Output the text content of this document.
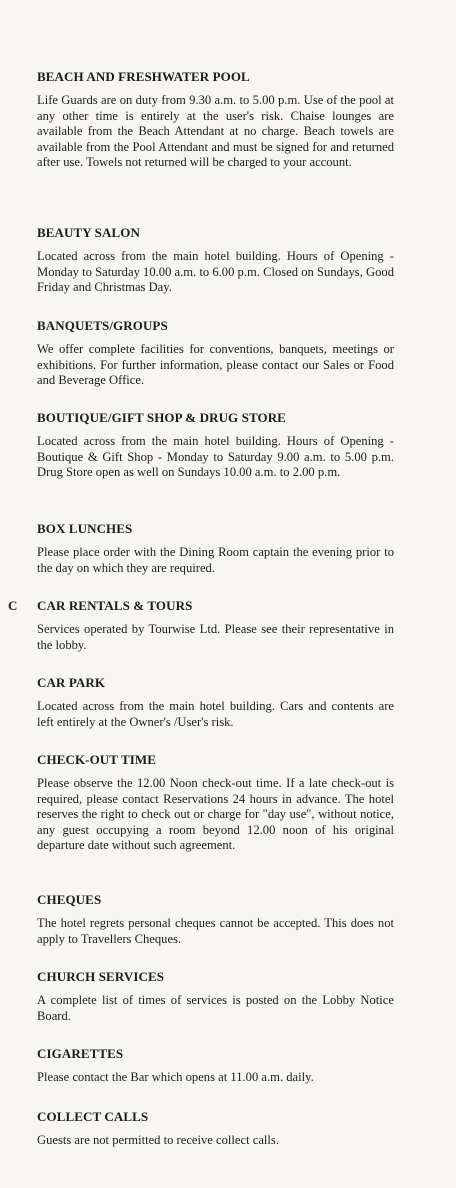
C
BEACH AND FRESHWATER POOL

Life Guards are on duty from 9.30 a.m. to 5.00 p.m. Use of the pool at any other time is entirely at the user's risk. Chaise lounges are available from the Beach Attendant at no charge. Beach towels are available from the Pool Attendant and must be signed for and returned after use. Towels not returned will be charged to your account.

BEAUTY SALON

Located across from the main hotel building. Hours of Opening - Monday to Saturday 10.00 a.m. to 6.00 p.m. Closed on Sundays, Good Friday and Christmas Day.

BANQUETS/GROUPS

We offer complete facilities for conventions, banquets, meetings or exhibitions. For further information, please contact our Sales or Food and Beverage Office.

BOUTIQUE/GIFT SHOP & DRUG STORE

Located across from the main hotel building. Hours of Opening - Boutique & Gift Shop - Monday to Saturday 9.00 a.m. to 5.00 p.m. Drug Store open as well on Sundays 10.00 a.m. to 2.00 p.m.

BOX LUNCHES

Please place order with the Dining Room captain the evening prior to the day on which they are required.

CAR RENTALS & TOURS

Services operated by Tourwise Ltd. Please see their representative in the lobby.

CAR PARK

Located across from the main hotel building. Cars and contents are left entirely at the Owner's /User's risk.

CHECK-OUT TIME

Please observe the 12.00 Noon check-out time. If a late check-out is required, please contact Reservations 24 hours in advance. The hotel reserves the right to check out or charge for "day use", without notice, any guest occupying a room beyond 12.00 noon of his original departure date without such agreement.

CHEQUES

The hotel regrets personal cheques cannot be accepted. This does not apply to Travellers Cheques.

CHURCH SERVICES

A complete list of times of services is posted on the Lobby Notice Board.

CIGARETTES

Please contact the Bar which opens at 11.00 a.m. daily.

COLLECT CALLS

Guests are not permitted to receive collect calls.
